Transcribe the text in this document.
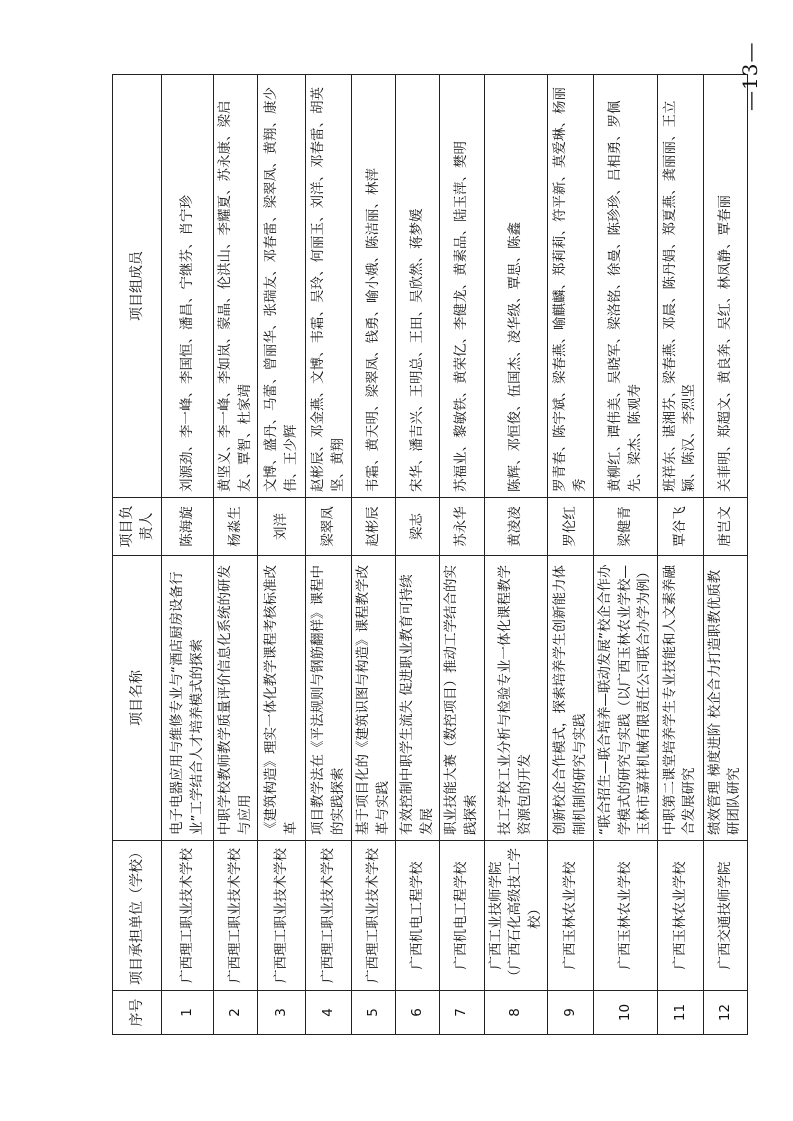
序号	项目承担单位（学校）	项目名称	项目负责人	项目组成员
1	广西理工职业技术学校	电子电器应用与维修专业与“酒店厨房设备行业”工学结合人才培养模式的探索	陈海旋	刘源劲、李一峰、李国恒、潘昌、宁继芬、肖宁珍
2	广西理工职业技术学校	中职学校教师教学质量评价信息化系统的研发与应用	杨淼生	黄坚义、李一峰、李如岚、蒙晶、伦洪山、李耀夏、苏永康、梁启友、覃智、杜家靖
3	广西理工职业技术学校	《建筑构造》理实一体化教学课程考核标准改革	刘洋	文博、盛丹、马蕾、曾丽华、张瑞友、邓春雷、梁翠凤、黄翔、康少伟、王少辉
4	广西理工职业技术学校	项目教学法在《平法规则与钢筋翻样》课程中的实践探索	梁翠凤	赵彬辰、邓金燕、文博、韦霜、吴玲、何丽玉、刘洋、邓春雷、胡英坚、黄翔
5	广西理工职业技术学校	基于项目化的《建筑识图与构造》课程教学改革与实践	赵彬辰	韦霜、黄天明、梁翠凤、钱勇、喻小娥、陈洁丽、林萍
6	广西机电工程学校	有效控制中职学生流失 促进职业教育可持续发展	梁志	宋华、潘吉兴、王明总、王田、吴欣然、蒋梦媛
7	广西机电工程学校	职业技能大赛（数控项目）推动工学结合的实践探索	苏永华	苏福业、黎敏铁、黄荣亿、李健龙、黄素品、陆玉萍、樊明
8	广西工业技师学院 （广西石化高级技工学校）	技工学校工业分析与检验专业一体化课程教学资源包的开发	黄凌凌	陈辉、邓恒俊、伍国杰、凌华级、覃思、陈鑫
9	广西玉林农业学校	创新校企合作模式，探索培养学生创新能力体制机制的研究与实践	罗伦红	罗青春、陈宇斌、梁春燕、喻麒麟、郑莉莉、符平新、莫爱琳、杨丽秀
10	广西玉林农业学校	“联合招生—联合培养—联动发展”校企合作办学模式的研究与实践（以广西玉林农业学校—玉林市嘉祥机械有限责任公司联合办学为例）	梁健青	黄柳红、谭伟美、吴晓军、梁洛铭、徐曼、陈珍珍、吕相勇、罗佩先、梁杰、陈观寿
11	广西玉林农业学校	中职第二课堂培养学生专业技能和人文素养融合发展研究	覃谷飞	班祥东、谌湘芬、梁春燕、邓晨、陈丹娟、郑夏燕、龚丽丽、王立颖、陈汉、李烈坚
12	广西交通技师学院	绩效管理 梯度进阶 校企合力打造职教优质教研团队研究	唐岂文	关菲明、郑超文、黄良奔、吴红、林凤静、覃春丽
—13—
